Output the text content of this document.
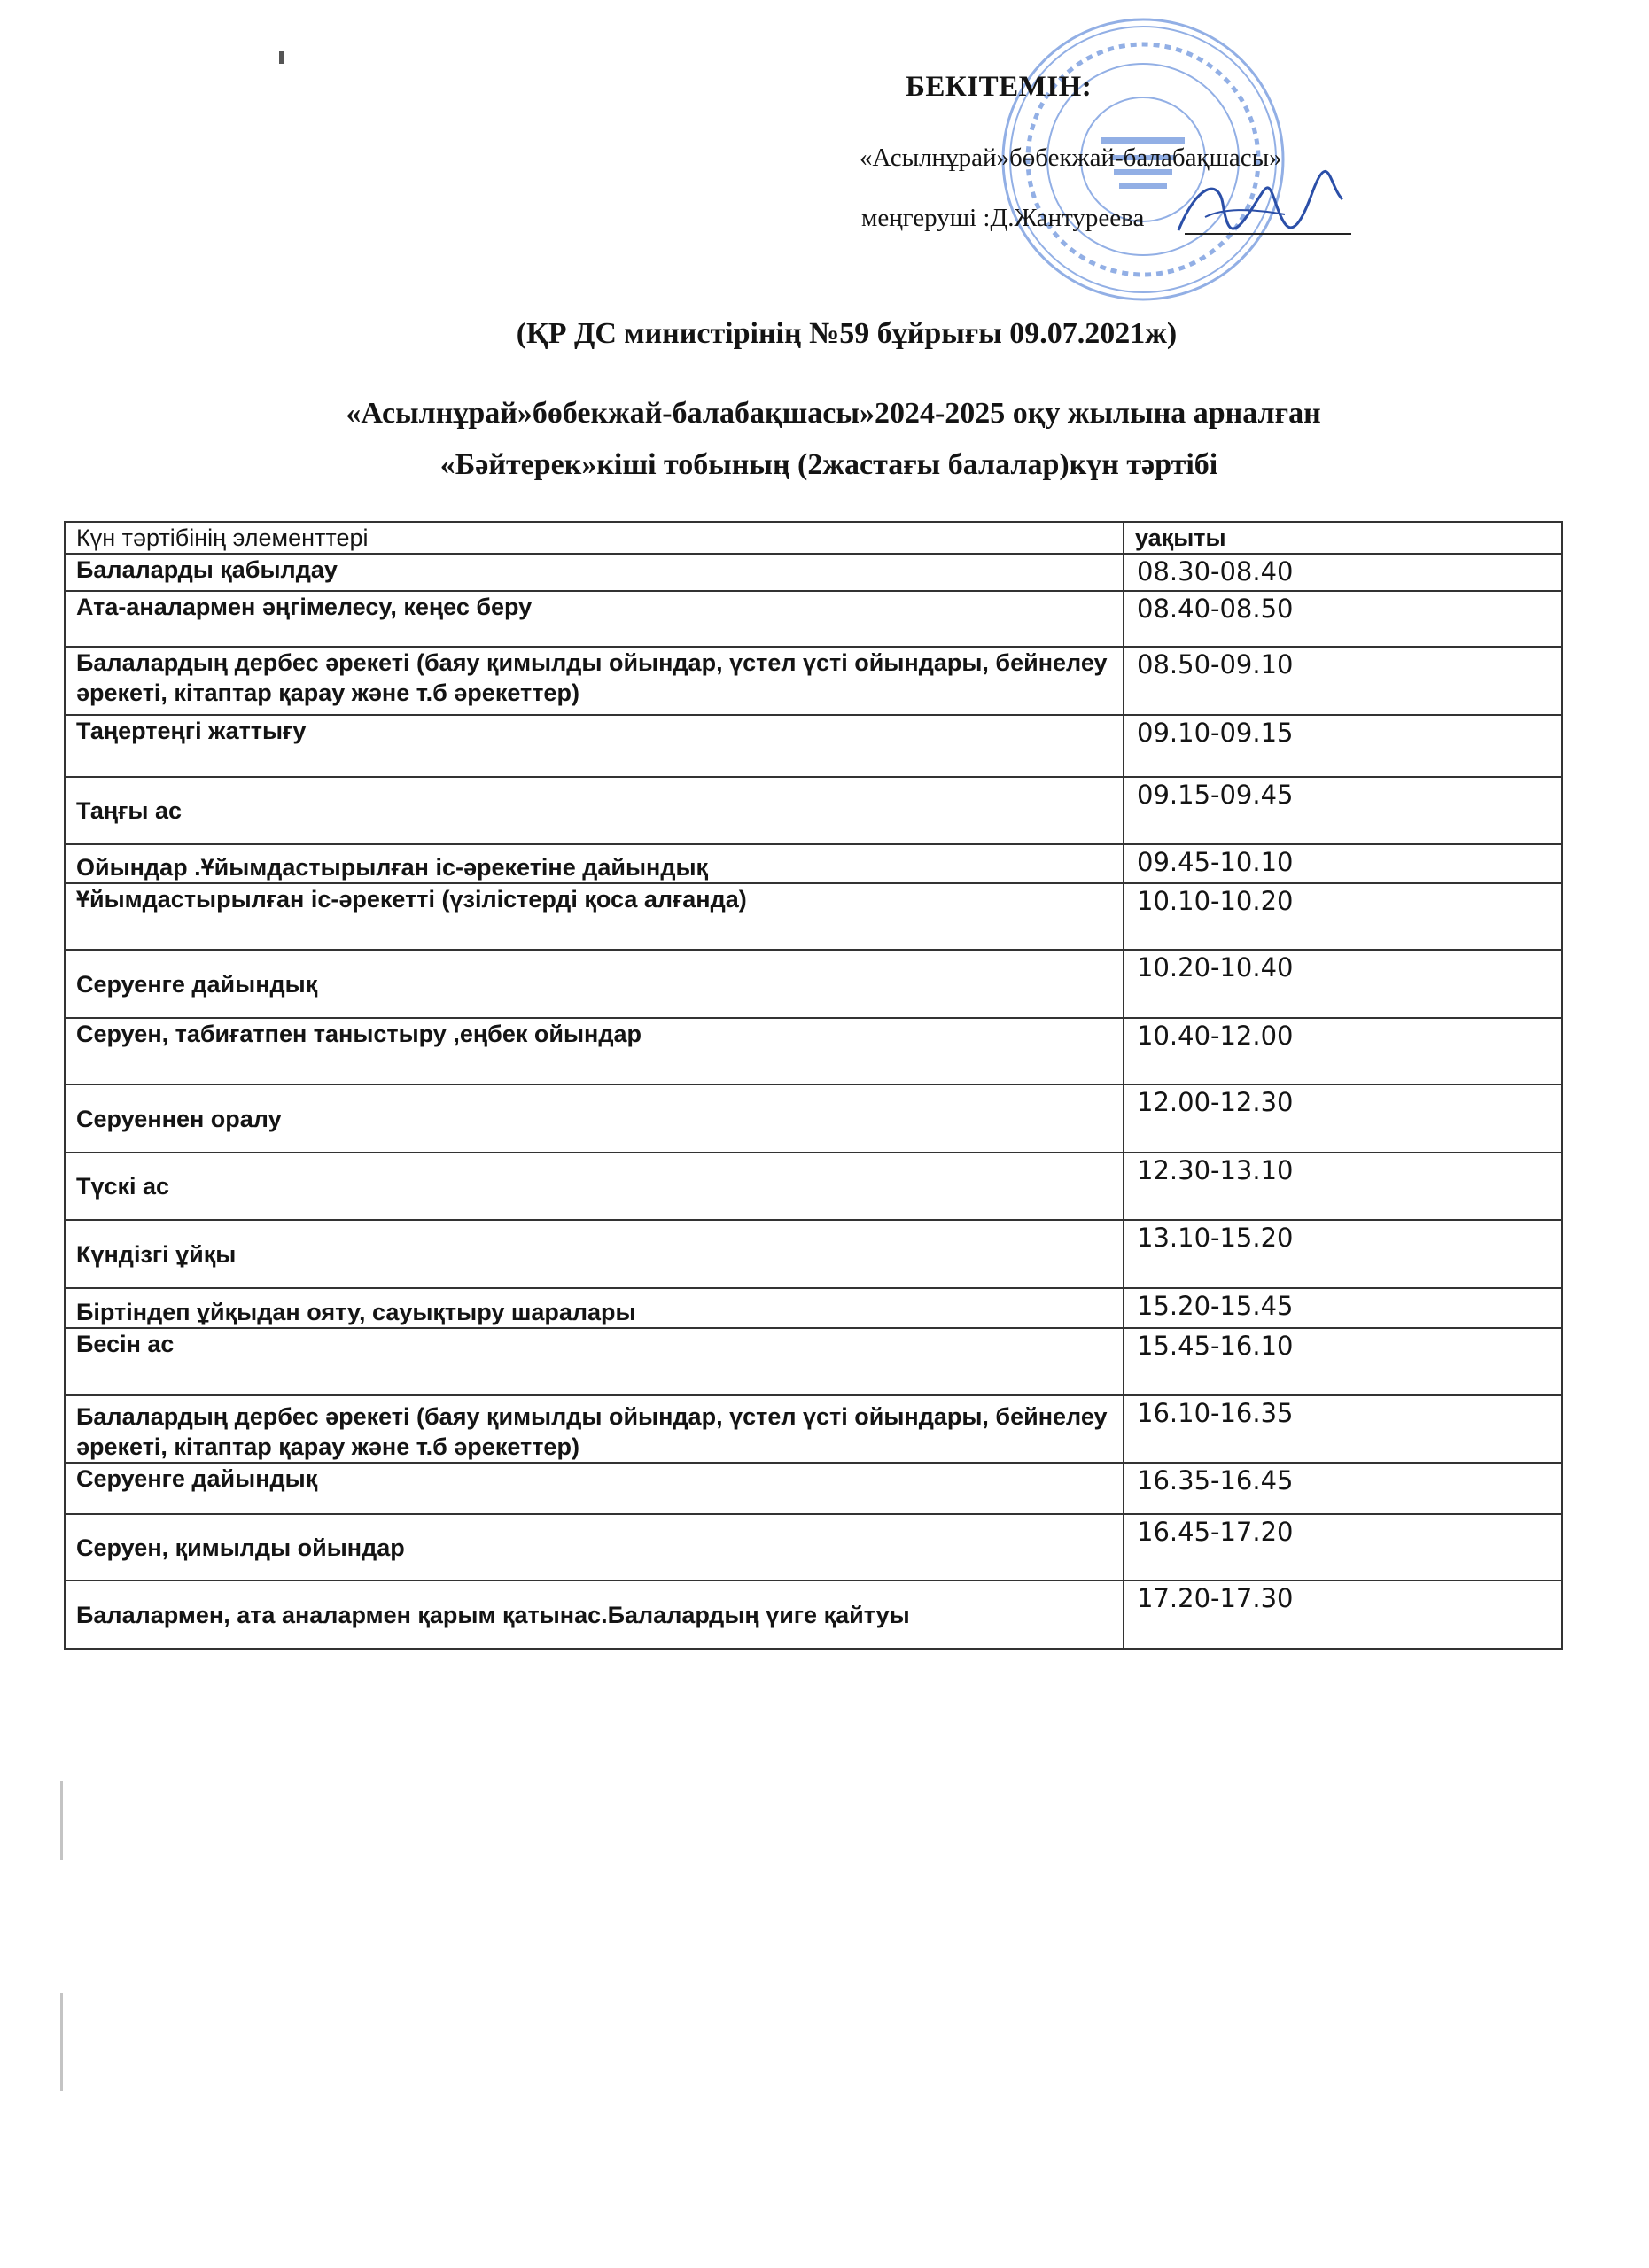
БЕКІТЕМІН:
«Асылнұрай»бөбекжай-балабақшасы»
меңгеруші :Д.Жантуреева
(ҚР ДС министірінің №59 бұйрығы 09.07.2021ж)
«Асылнұрай»бөбекжай-балабақшасы»2024-2025 оқу жылына арналған
«Бәйтерек»кіші тобының (2жастағы балалар)күн тәртібі
Күн тәртібінің элементтері	уақыты
Балаларды қабылдау	08.30-08.40
Ата-аналармен әңгімелесу, кеңес беру	08.40-08.50
Балалардың дербес әрекеті (баяу қимылды ойындар, үстел үсті ойындары, бейнелеу әрекеті, кітаптар қарау және т.б әрекеттер)	08.50-09.10
Таңертеңгі жаттығу	09.10-09.15
Таңғы ас	09.15-09.45
Ойындар .Ұйымдастырылған іс-әрекетіне дайындық	09.45-10.10
Ұйымдастырылған іс-әрекетті (үзілістерді қоса алғанда)	10.10-10.20
Серуенге дайындық	10.20-10.40
Серуен, табиғатпен таныстыру ,еңбек ойындар	10.40-12.00
Серуеннен оралу	12.00-12.30
Түскі ас	12.30-13.10
Күндізгі ұйқы	13.10-15.20
Біртіндеп ұйқыдан ояту, сауықтыру шаралары	15.20-15.45
Бесін ас	15.45-16.10
Балалардың дербес әрекеті (баяу қимылды ойындар, үстел үсті ойындары, бейнелеу әрекеті, кітаптар қарау және т.б әрекеттер)	16.10-16.35
Серуенге дайындық	16.35-16.45
Серуен, қимылды ойындар	16.45-17.20
Балалармен, ата аналармен қарым қатынас.Балалардың үиге қайтуы	17.20-17.30
